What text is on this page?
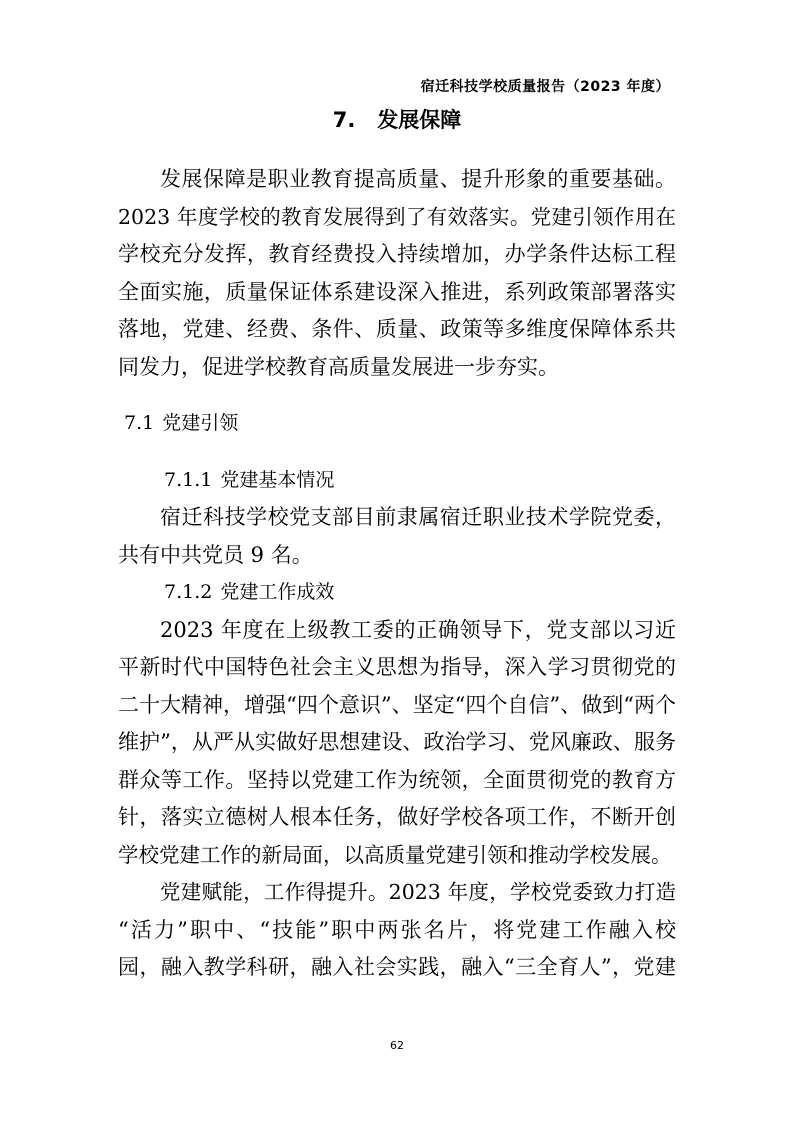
宿迁科技学校质量报告（2023 年度）
7. 发展保障
发展保障是职业教育提高质量、提升形象的重要基础。
2023 年度学校的教育发展得到了有效落实。党建引领作用在
学校充分发挥，教育经费投入持续增加，办学条件达标工程
全面实施，质量保证体系建设深入推进，系列政策部署落实
落地，党建、经费、条件、质量、政策等多维度保障体系共
同发力，促进学校教育高质量发展进一步夯实。
7.1 党建引领
7.1.1 党建基本情况
宿迁科技学校党支部目前隶属宿迁职业技术学院党委，
共有中共党员 9 名。
7.1.2 党建工作成效
2023 年度在上级教工委的正确领导下，党支部以习近
平新时代中国特色社会主义思想为指导，深入学习贯彻党的
二十大精神，增强“四个意识”、坚定“四个自信”、做到“两个
维护”，从严从实做好思想建设、政治学习、党风廉政、服务
群众等工作。坚持以党建工作为统领，全面贯彻党的教育方
针，落实立德树人根本任务，做好学校各项工作，不断开创
学校党建工作的新局面，以高质量党建引领和推动学校发展。
党建赋能，工作得提升。2023 年度，学校党委致力打造
“活力”职中、“技能”职中两张名片，将党建工作融入校
园，融入教学科研，融入社会实践，融入“三全育人”，党建
62
